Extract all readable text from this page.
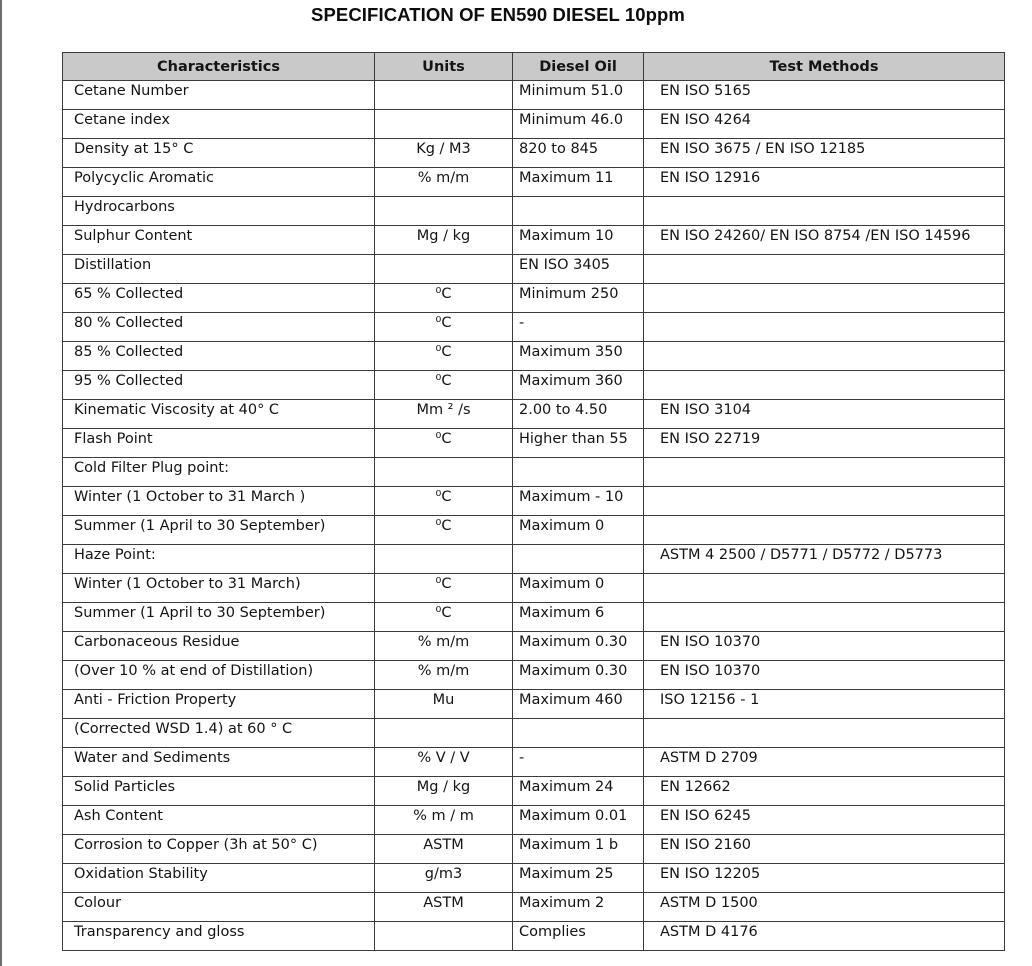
SPECIFICATION OF EN590 DIESEL 10ppm
Characteristics	Units	Diesel Oil	Test Methods
Cetane Number		Minimum 51.0	EN ISO 5165
Cetane index		Minimum 46.0	EN ISO 4264
Density at 15° C	Kg / M3	820 to 845	EN ISO 3675 / EN ISO 12185
Polycyclic Aromatic	% m/m	Maximum 11	EN ISO 12916
Hydrocarbons			
Sulphur Content	Mg / kg	Maximum 10	EN ISO 24260/ EN ISO 8754 /EN ISO 14596
Distillation		EN ISO 3405	
65 % Collected	⁰C	Minimum 250	
80 % Collected	⁰C	-	
85 % Collected	⁰C	Maximum 350	
95 % Collected	⁰C	Maximum 360	
Kinematic Viscosity at 40° C	Mm ² /s	2.00 to 4.50	EN ISO 3104
Flash Point	⁰C	Higher than 55	EN ISO 22719
Cold Filter Plug point:			
Winter (1 October to 31 March )	⁰C	Maximum - 10	
Summer (1 April to 30 September)	⁰C	Maximum 0	
Haze Point:			ASTM 4 2500 / D5771 / D5772 / D5773
Winter (1 October to 31 March)	⁰C	Maximum 0	
Summer (1 April to 30 September)	⁰C	Maximum 6	
Carbonaceous Residue	% m/m	Maximum 0.30	EN ISO 10370
(Over 10 % at end of Distillation)	% m/m	Maximum 0.30	EN ISO 10370
Anti - Friction Property	Mu	Maximum 460	ISO 12156 - 1
(Corrected WSD 1.4) at 60 ° C			
Water and Sediments	% V / V	-	ASTM D 2709
Solid Particles	Mg / kg	Maximum 24	EN 12662
Ash Content	% m / m	Maximum 0.01	EN ISO 6245
Corrosion to Copper (3h at 50° C)	ASTM	Maximum 1 b	EN ISO 2160
Oxidation Stability	g/m3	Maximum 25	EN ISO 12205
Colour	ASTM	Maximum 2	ASTM D 1500
Transparency and gloss		Complies	ASTM D 4176
